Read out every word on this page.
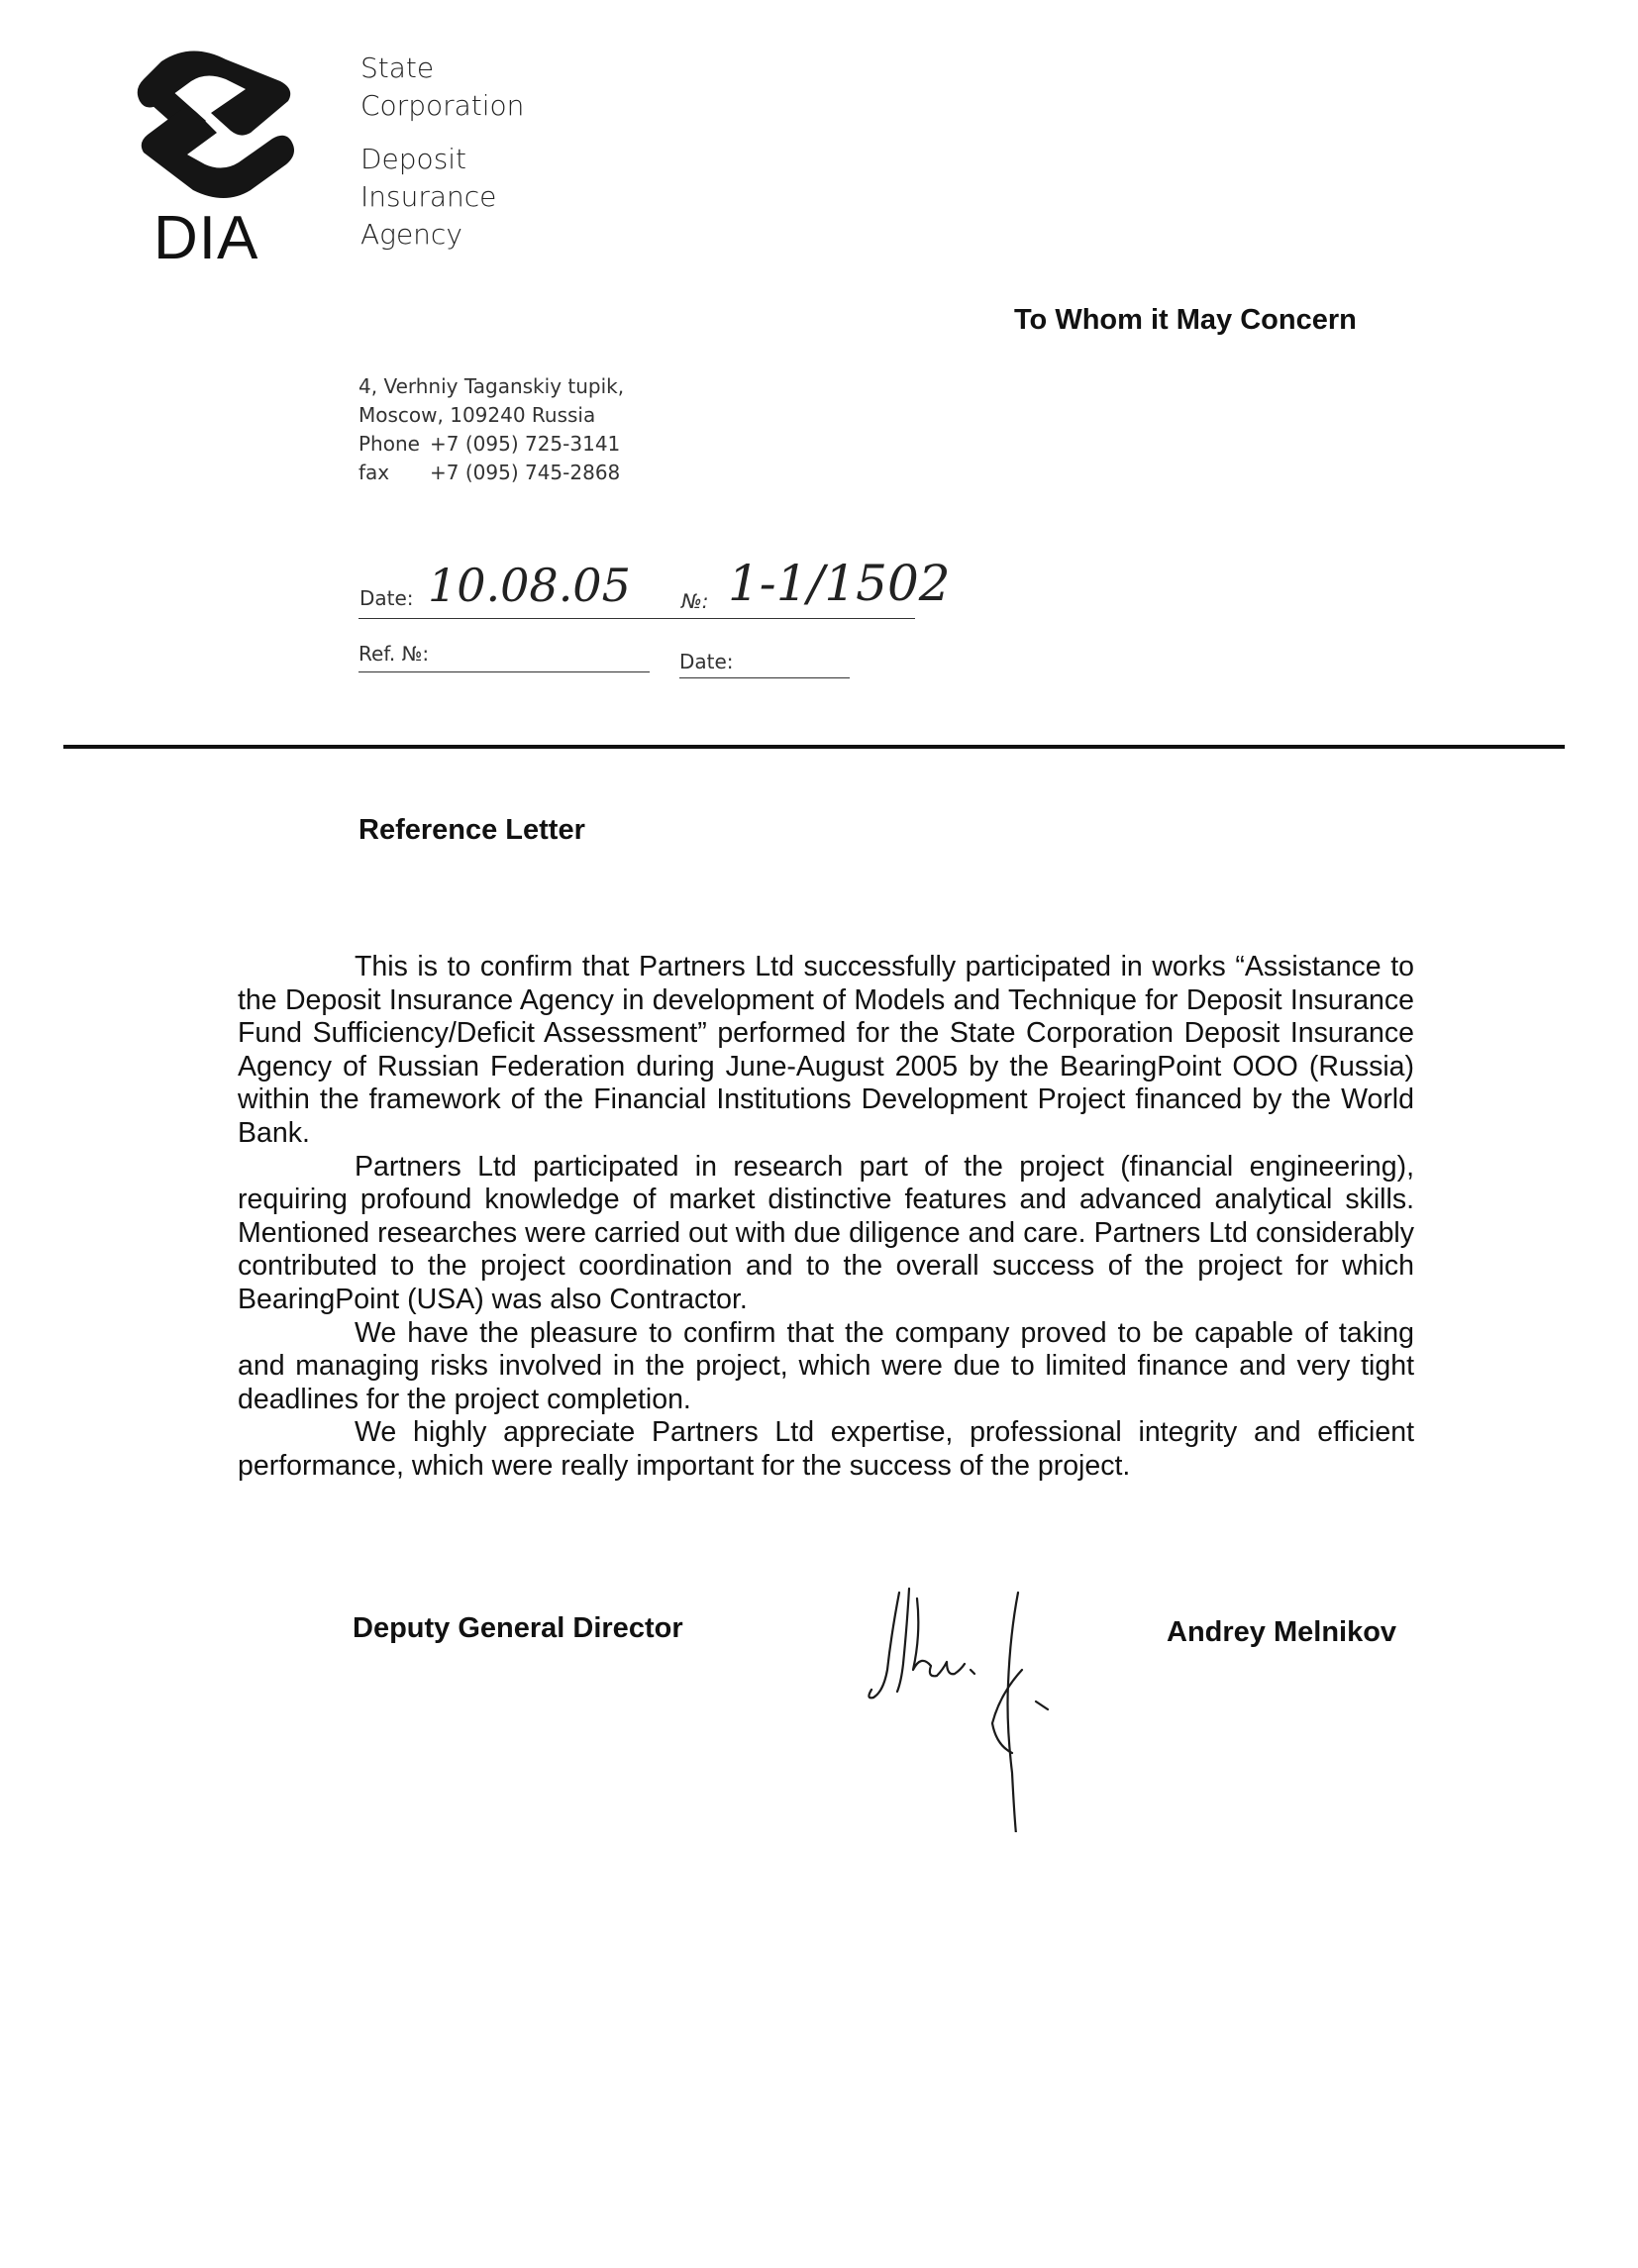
DIA
State
Corporation
Deposit
Insurance
Agency
To Whom it May Concern
4, Verhniy Taganskiy tupik,
Moscow, 109240 Russia
Phone +7 (095) 725-3141
fax +7 (095) 745-2868
Date: 10.08.05	№: 1-1/1502
Ref. №:	Date:
Reference Letter

This is to confirm that Partners Ltd successfully participated in works “Assistance to the Deposit Insurance Agency in development of Models and Technique for Deposit Insurance Fund Sufficiency/Deficit Assessment” performed for the State Corporation Deposit Insurance Agency of Russian Federation during June-August 2005 by the BearingPoint OOO (Russia) within the framework of the Financial Institutions Development Project financed by the World Bank.

Partners Ltd participated in research part of the project (financial engineering), requiring profound knowledge of market distinctive features and advanced analytical skills. Mentioned researches were carried out with due diligence and care. Partners Ltd considerably contributed to the project coordination and to the overall success of the project for which BearingPoint (USA) was also Contractor.

We have the pleasure to confirm that the company proved to be capable of taking and managing risks involved in the project, which were due to limited finance and very tight deadlines for the project completion.

We highly appreciate Partners Ltd expertise, professional integrity and efficient performance, which were really important for the success of the project.

Deputy General Director	Andrey Melnikov
